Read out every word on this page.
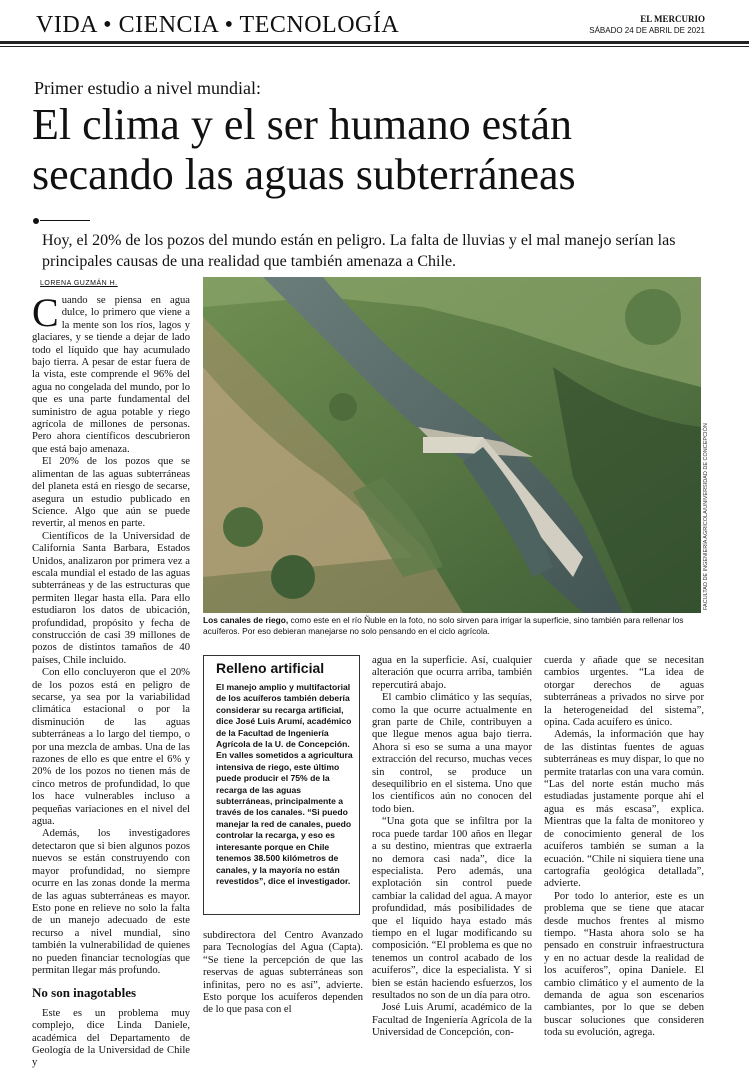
VIDA • CIENCIA • TECNOLOGÍA	EL MERCURIO
SÁBADO 24 DE ABRIL DE 2021
Primer estudio a nivel mundial:
El clima y el ser humano están secando las aguas subterráneas
Hoy, el 20% de los pozos del mundo están en peligro. La falta de lluvias y el mal manejo serían las principales causas de una realidad que también amenaza a Chile.
LORENA GUZMÁN H.

Cuando se piensa en agua dulce, lo primero que viene a la mente son los ríos, lagos y glaciares, y se tiende a dejar de lado todo el líquido que hay acumulado bajo tierra. A pesar de estar fuera de la vista, este comprende el 96% del agua no congelada del mundo, por lo que es una parte fundamental del suministro de agua potable y riego agrícola de millones de personas. Pero ahora científicos descubrieron que está bajo amenaza.

El 20% de los pozos que se alimentan de las aguas subterráneas del planeta está en riesgo de secarse, asegura un estudio publicado en Science. Algo que aún se puede revertir, al menos en parte.

Científicos de la Universidad de California Santa Barbara, Estados Unidos, analizaron por primera vez a escala mundial el estado de las aguas subterráneas y de las estructuras que permiten llegar hasta ella. Para ello estudiaron los datos de ubicación, profundidad, propósito y fecha de construcción de casi 39 millones de pozos de distintos tamaños de 40 países, Chile incluido.

Con ello concluyeron que el 20% de los pozos está en peligro de secarse, ya sea por la variabilidad climática estacional o por la disminución de las aguas subterráneas a lo largo del tiempo, o por una mezcla de ambas. Una de las razones de ello es que entre el 6% y 20% de los pozos no tienen más de cinco metros de profundidad, lo que los hace vulnerables incluso a pequeñas variaciones en el nivel del agua.

Además, los investigadores detectaron que si bien algunos pozos nuevos se están construyendo con mayor profundidad, no siempre ocurre en las zonas donde la merma de las aguas subterráneas es mayor. Esto pone en relieve no solo la falta de un manejo adecuado de este recurso a nivel mundial, sino también la vulnerabilidad de quienes no pueden financiar tecnologías que permitan llegar más profundo.

No son inagotables

Este es un problema muy complejo, dice Linda Daniele, académica del Departamento de Geología de la Universidad de Chile y

FACULTAD DE INGENIERÍA AGRÍCOLA/UNIVERSIDAD DE CONCEPCIÓN
Los canales de riego, como este en el río Ñuble en la foto, no solo sirven para irrigar la superficie, sino también para rellenar los acuíferos. Por eso debieran manejarse no solo pensando en el ciclo agrícola.
Relleno artificial
El manejo amplio y multifactorial de los acuíferos también debería considerar su recarga artificial, dice José Luis Arumí, académico de la Facultad de Ingeniería Agrícola de la U. de Concepción. En valles sometidos a agricultura intensiva de riego, este último puede producir el 75% de la recarga de las aguas subterráneas, principalmente a través de los canales. “Si puedo manejar la red de canales, puedo controlar la recarga, y eso es interesante porque en Chile tenemos 38.500 kilómetros de canales, y la mayoría no están revestidos”, dice el investigador.

subdirectora del Centro Avanzado para Tecnologías del Agua (Capta). “Se tiene la percepción de que las reservas de aguas subterráneas son infinitas, pero no es así”, advierte. Esto porque los acuíferos dependen de lo que pasa con el

agua en la superficie. Así, cualquier alteración que ocurra arriba, también repercutirá abajo.

El cambio climático y las sequías, como la que ocurre actualmente en gran parte de Chile, contribuyen a que llegue menos agua bajo tierra. Ahora si eso se suma a una mayor extracción del recurso, muchas veces sin control, se produce un desequilibrio en el sistema. Uno que los científicos aún no conocen del todo bien.

“Una gota que se infiltra por la roca puede tardar 100 años en llegar a su destino, mientras que extraerla no demora casi nada”, dice la especialista. Pero además, una explotación sin control puede cambiar la calidad del agua. A mayor profundidad, más posibilidades de que el líquido haya estado más tiempo en el lugar modificando su composición. “El problema es que no tenemos un control acabado de los acuíferos”, dice la especialista. Y si bien se están haciendo esfuerzos, los resultados no son de un día para otro.

José Luis Arumí, académico de la Facultad de Ingeniería Agrícola de la Universidad de Concepción, con-

cuerda y añade que se necesitan cambios urgentes. “La idea de otorgar derechos de aguas subterráneas a privados no sirve por la heterogeneidad del sistema”, opina. Cada acuífero es único.

Además, la información que hay de las distintas fuentes de aguas subterráneas es muy dispar, lo que no permite tratarlas con una vara común. “Las del norte están mucho más estudiadas justamente porque ahí el agua es más escasa”, explica. Mientras que la falta de monitoreo y de conocimiento general de los acuíferos también se suman a la ecuación. “Chile ni siquiera tiene una cartografía geológica detallada”, advierte.

Por todo lo anterior, este es un problema que se tiene que atacar desde muchos frentes al mismo tiempo. “Hasta ahora solo se ha pensado en construir infraestructura y en no actuar desde la realidad de los acuíferos”, opina Daniele. El cambio climático y el aumento de la demanda de agua son escenarios cambiantes, por lo que se deben buscar soluciones que consideren toda su evolución, agrega.
